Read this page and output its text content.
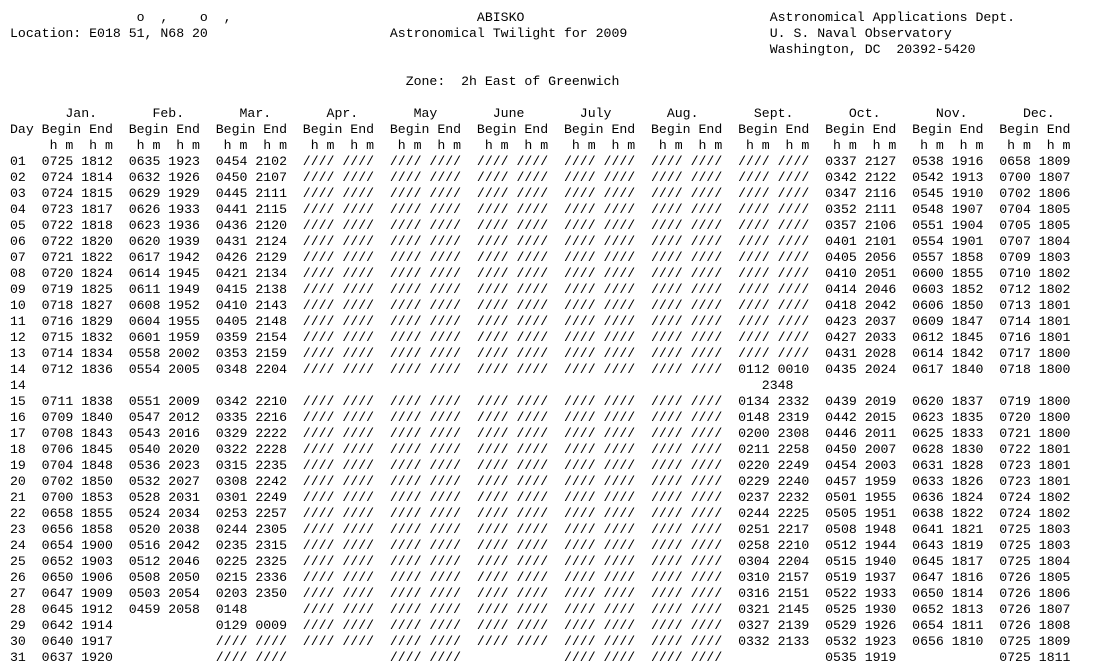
o  ,    o  ,                               ABISKO                               Astronomical Applications Dept.
Location: E018 51, N68 20                       Astronomical Twilight for 2009                  U. S. Naval Observatory
Washington, DC  20392-5420

Zone:  2h East of Greenwich
Jan.       Feb.       Mar.       Apr.       May       June       July       Aug.       Sept.       Oct.       Nov.       Dec.
Day Begin End  Begin End  Begin End  Begin End  Begin End  Begin End  Begin End  Begin End  Begin End  Begin End  Begin End  Begin End
h m  h m   h m  h m   h m  h m   h m  h m   h m  h m   h m  h m   h m  h m   h m  h m   h m  h m   h m  h m   h m  h m   h m  h m
01  0725 1812  0635 1923  0454 2102  //// ////  //// ////  //// ////  //// ////  //// ////  //// ////  0337 2127  0538 1916  0658 1809
02  0724 1814  0632 1926  0450 2107  //// ////  //// ////  //// ////  //// ////  //// ////  //// ////  0342 2122  0542 1913  0700 1807
03  0724 1815  0629 1929  0445 2111  //// ////  //// ////  //// ////  //// ////  //// ////  //// ////  0347 2116  0545 1910  0702 1806
04  0723 1817  0626 1933  0441 2115  //// ////  //// ////  //// ////  //// ////  //// ////  //// ////  0352 2111  0548 1907  0704 1805
05  0722 1818  0623 1936  0436 2120  //// ////  //// ////  //// ////  //// ////  //// ////  //// ////  0357 2106  0551 1904  0705 1805
06  0722 1820  0620 1939  0431 2124  //// ////  //// ////  //// ////  //// ////  //// ////  //// ////  0401 2101  0554 1901  0707 1804
07  0721 1822  0617 1942  0426 2129  //// ////  //// ////  //// ////  //// ////  //// ////  //// ////  0405 2056  0557 1858  0709 1803
08  0720 1824  0614 1945  0421 2134  //// ////  //// ////  //// ////  //// ////  //// ////  //// ////  0410 2051  0600 1855  0710 1802
09  0719 1825  0611 1949  0415 2138  //// ////  //// ////  //// ////  //// ////  //// ////  //// ////  0414 2046  0603 1852  0712 1802
10  0718 1827  0608 1952  0410 2143  //// ////  //// ////  //// ////  //// ////  //// ////  //// ////  0418 2042  0606 1850  0713 1801
11  0716 1829  0604 1955  0405 2148  //// ////  //// ////  //// ////  //// ////  //// ////  //// ////  0423 2037  0609 1847  0714 1801
12  0715 1832  0601 1959  0359 2154  //// ////  //// ////  //// ////  //// ////  //// ////  //// ////  0427 2033  0612 1845  0716 1801
13  0714 1834  0558 2002  0353 2159  //// ////  //// ////  //// ////  //// ////  //// ////  //// ////  0431 2028  0614 1842  0717 1800
14  0712 1836  0554 2005  0348 2204  //// ////  //// ////  //// ////  //// ////  //// ////  0112 0010  0435 2024  0617 1840  0718 1800
14                                                                                             2348
15  0711 1838  0551 2009  0342 2210  //// ////  //// ////  //// ////  //// ////  //// ////  0134 2332  0439 2019  0620 1837  0719 1800
16  0709 1840  0547 2012  0335 2216  //// ////  //// ////  //// ////  //// ////  //// ////  0148 2319  0442 2015  0623 1835  0720 1800
17  0708 1843  0543 2016  0329 2222  //// ////  //// ////  //// ////  //// ////  //// ////  0200 2308  0446 2011  0625 1833  0721 1800
18  0706 1845  0540 2020  0322 2228  //// ////  //// ////  //// ////  //// ////  //// ////  0211 2258  0450 2007  0628 1830  0722 1801
19  0704 1848  0536 2023  0315 2235  //// ////  //// ////  //// ////  //// ////  //// ////  0220 2249  0454 2003  0631 1828  0723 1801
20  0702 1850  0532 2027  0308 2242  //// ////  //// ////  //// ////  //// ////  //// ////  0229 2240  0457 1959  0633 1826  0723 1801
21  0700 1853  0528 2031  0301 2249  //// ////  //// ////  //// ////  //// ////  //// ////  0237 2232  0501 1955  0636 1824  0724 1802
22  0658 1855  0524 2034  0253 2257  //// ////  //// ////  //// ////  //// ////  //// ////  0244 2225  0505 1951  0638 1822  0724 1802
23  0656 1858  0520 2038  0244 2305  //// ////  //// ////  //// ////  //// ////  //// ////  0251 2217  0508 1948  0641 1821  0725 1803
24  0654 1900  0516 2042  0235 2315  //// ////  //// ////  //// ////  //// ////  //// ////  0258 2210  0512 1944  0643 1819  0725 1803
25  0652 1903  0512 2046  0225 2325  //// ////  //// ////  //// ////  //// ////  //// ////  0304 2204  0515 1940  0645 1817  0725 1804
26  0650 1906  0508 2050  0215 2336  //// ////  //// ////  //// ////  //// ////  //// ////  0310 2157  0519 1937  0647 1816  0726 1805
27  0647 1909  0503 2054  0203 2350  //// ////  //// ////  //// ////  //// ////  //// ////  0316 2151  0522 1933  0650 1814  0726 1806
28  0645 1912  0459 2058  0148       //// ////  //// ////  //// ////  //// ////  //// ////  0321 2145  0525 1930  0652 1813  0726 1807
29  0642 1914             0129 0009  //// ////  //// ////  //// ////  //// ////  //// ////  0327 2139  0529 1926  0654 1811  0726 1808
30  0640 1917             //// ////  //// ////  //// ////  //// ////  //// ////  //// ////  0332 2133  0532 1923  0656 1810  0725 1809
31  0637 1920             //// ////             //// ////             //// ////  //// ////             0535 1919             0725 1811
